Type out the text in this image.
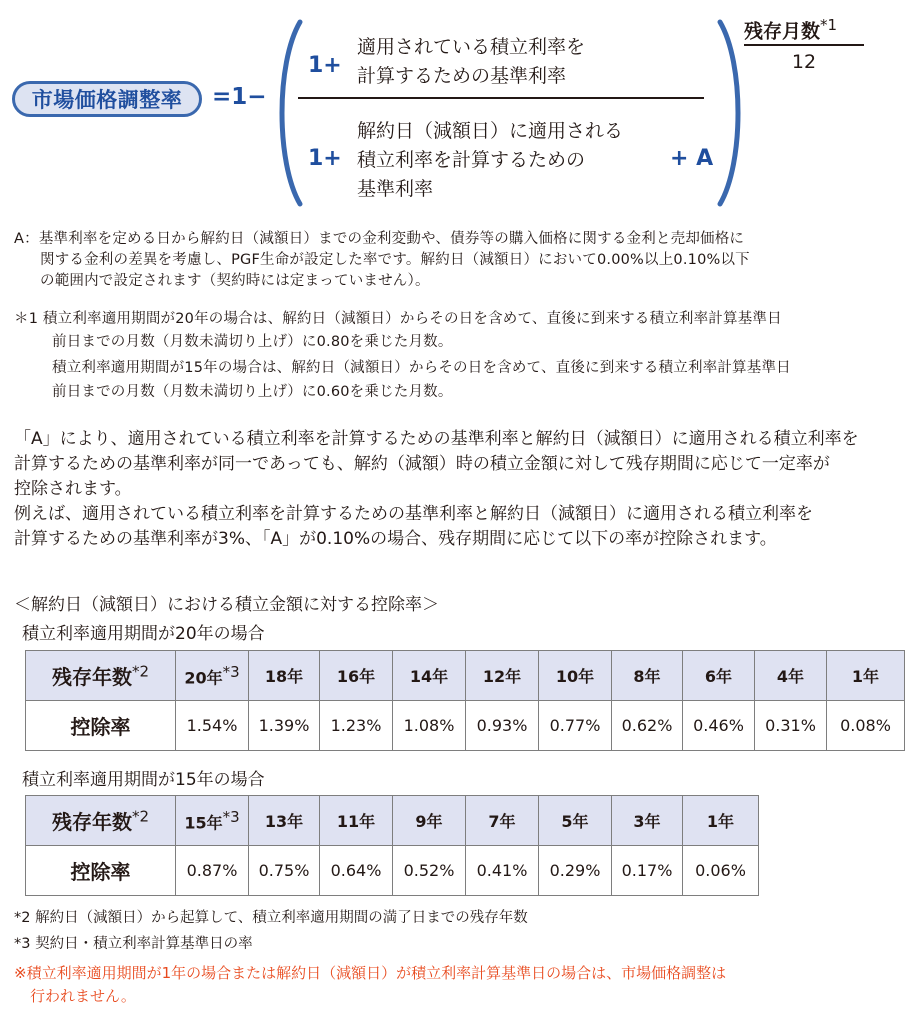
市場価格調整率	=1−
1+
適用されている積立利率を
計算するための基準利率
1+
解約日（減額日）に適用される
積立利率を計算するための
基準利率
+ A
残存月数$^{*1}$
12
A：基準利率を定める日から解約日（減額日）までの金利変動や、債券等の購入価格に関する金利と売却価格に
関する金利の差異を考慮し、PGF生命が設定した率です。解約日（減額日）において0.00%以上0.10%以下
の範囲内で設定されます（契約時には定まっていません）。
＊1 積立利率適用期間が20年の場合は、解約日（減額日）からその日を含めて、直後に到来する積立利率計算基準日
前日までの月数（月数未満切り上げ）に0.80を乗じた月数。
積立利率適用期間が15年の場合は、解約日（減額日）からその日を含めて、直後に到来する積立利率計算基準日
前日までの月数（月数未満切り上げ）に0.60を乗じた月数。
「A」により、適用されている積立利率を計算するための基準利率と解約日（減額日）に適用される積立利率を
計算するための基準利率が同一であっても、解約（減額）時の積立金額に対して残存期間に応じて一定率が
控除されます。
例えば、適用されている積立利率を計算するための基準利率と解約日（減額日）に適用される積立利率を
計算するための基準利率が3%、「A」が0.10%の場合、残存期間に応じて以下の率が控除されます。
＜解約日（減額日）における積立金額に対する控除率＞
積立利率適用期間が20年の場合
残存年数$^{*2}$	20年$^{*3}$	18年	16年	14年	12年	10年	8年	6年	4年	1年
控除率	1.54%	1.39%	1.23%	1.08%	0.93%	0.77%	0.62%	0.46%	0.31%	0.08%
積立利率適用期間が15年の場合
残存年数$^{*2}$	15年$^{*3}$	13年	11年	9年	7年	5年	3年	1年
控除率	0.87%	0.75%	0.64%	0.52%	0.41%	0.29%	0.17%	0.06%
*2 解約日（減額日）から起算して、積立利率適用期間の満了日までの残存年数
*3 契約日・積立利率計算基準日の率
※積立利率適用期間が1年の場合または解約日（減額日）が積立利率計算基準日の場合は、市場価格調整は
行われません。
